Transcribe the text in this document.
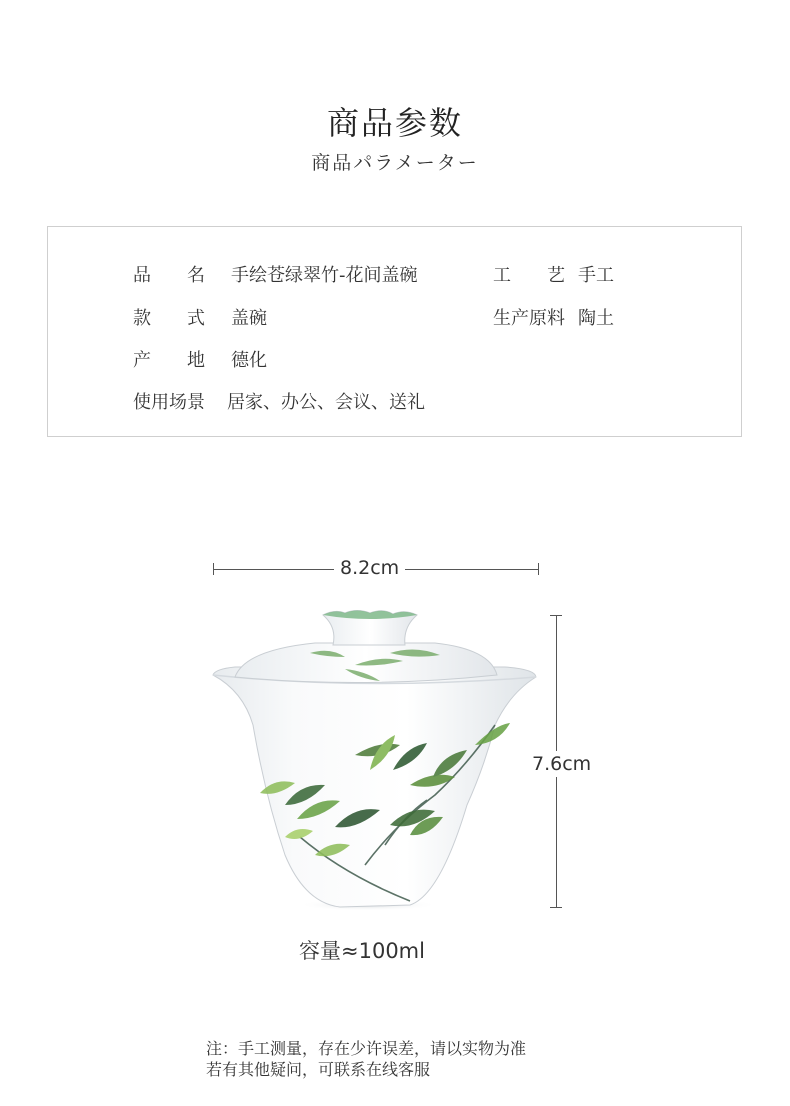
商品参数
商品パラメーター
品　　名 手绘苍绿翠竹-花间盖碗	工　　艺 手工
款　　式 盖碗	生产原料 陶土
产　　地 德化
使用场景 居家、办公、会议、送礼
8.2cm
7.6cm
容量≈100ml
注：手工测量，存在少许误差，请以实物为准
若有其他疑问，可联系在线客服
